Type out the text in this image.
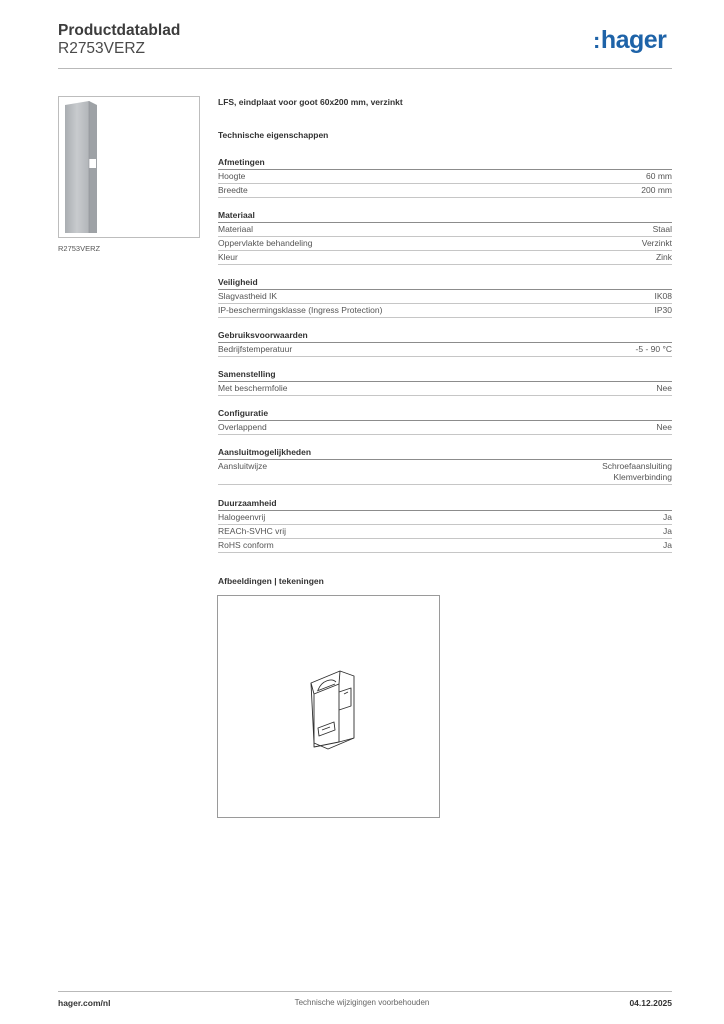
Productdatablad
R2753VERZ	:hager
R2753VERZ
LFS, eindplaat voor goot 60x200 mm, verzinkt
Technische eigenschappen
Afmetingen
Hoogte	60 mm
Breedte	200 mm
Materiaal
Materiaal	Staal
Oppervlakte behandeling	Verzinkt
Kleur	Zink
Veiligheid
Slagvastheid IK	IK08
IP-beschermingsklasse (Ingress Protection)	IP30
Gebruiksvoorwaarden
Bedrijfstemperatuur	-5 - 90 °C
Samenstelling
Met beschermfolie	Nee
Configuratie
Overlappend	Nee
Aansluitmogelijkheden
Aansluitwijze	Schroefaansluiting
Klemverbinding
Duurzaamheid
Halogeenvrij	Ja
REACh-SVHC vrij	Ja
RoHS conform	Ja
Afbeeldingen | tekeningen
hager.com/nl	Technische wijzigingen voorbehouden	04.12.2025
